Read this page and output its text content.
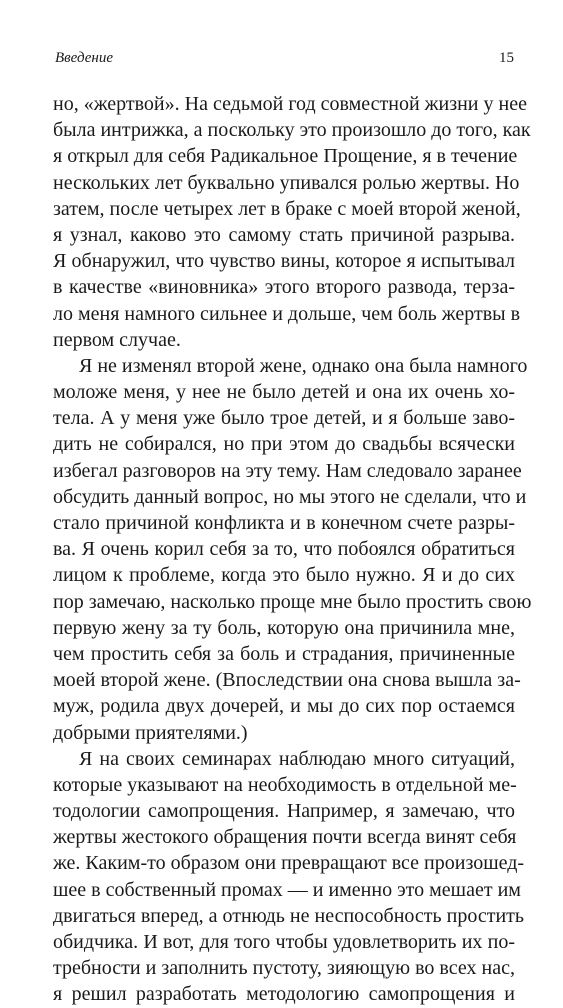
Введение	15
но, «жертвой». На седьмой год совместной жизни у нее
была интрижка, а поскольку это произошло до того, как
я открыл для себя Радикальное Прощение, я в течение
нескольких лет буквально упивался ролью жертвы. Но
затем, после четырех лет в браке с моей второй женой,
я узнал, каково это самому стать причиной разрыва.
Я обнаружил, что чувство вины, которое я испытывал
в качестве «виновника» этого второго развода, терза-
ло меня намного сильнее и дольше, чем боль жертвы в
первом случае.
Я не изменял второй жене, однако она была намного
моложе меня, у нее не было детей и она их очень хо-
тела. А у меня уже было трое детей, и я больше заво-
дить не собирался, но при этом до свадьбы всячески
избегал разговоров на эту тему. Нам следовало заранее
обсудить данный вопрос, но мы этого не сделали, что и
стало причиной конфликта и в конечном счете разры-
ва. Я очень корил себя за то, что побоялся обратиться
лицом к проблеме, когда это было нужно. Я и до сих
пор замечаю, насколько проще мне было простить свою
первую жену за ту боль, которую она причинила мне,
чем простить себя за боль и страдания, причиненные
моей второй жене. (Впоследствии она снова вышла за-
муж, родила двух дочерей, и мы до сих пор остаемся
добрыми приятелями.)
Я на своих семинарах наблюдаю много ситуаций,
которые указывают на необходимость в отдельной ме-
тодологии самопрощения. Например, я замечаю, что
жертвы жестокого обращения почти всегда винят себя
же. Каким-то образом они превращают все произошед-
шее в собственный промах — и именно это мешает им
двигаться вперед, а отнюдь не неспособность простить
обидчика. И вот, для того чтобы удовлетворить их по-
требности и заполнить пустоту, зияющую во всех нас,
я решил разработать методологию самопрощения и
